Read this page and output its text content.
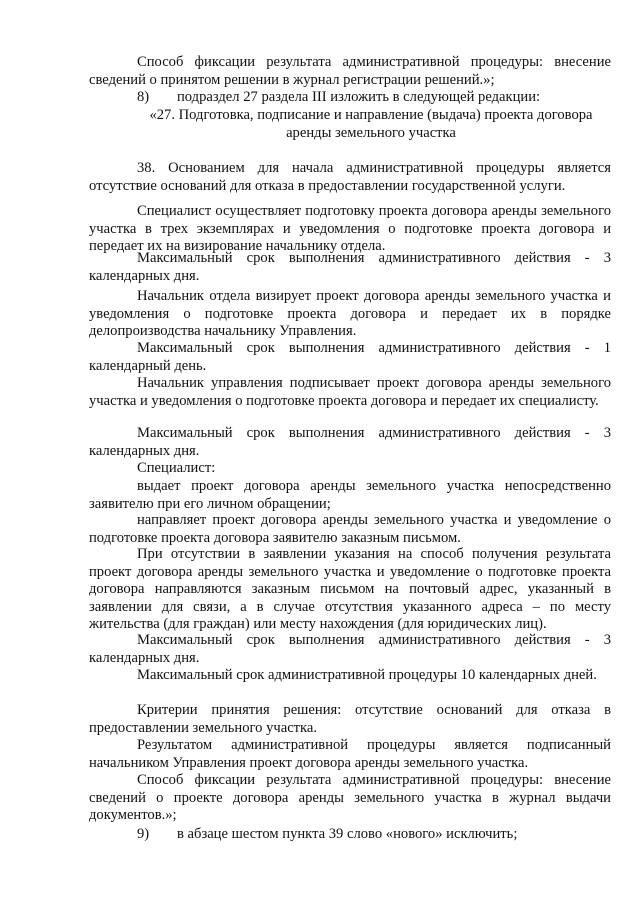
Способ фиксации результата административной процедуры: внесение сведений о принятом решении в журнал регистрации решений.»;
8) подраздел 27 раздела III изложить в следующей редакции:
«27. Подготовка, подписание и направление (выдача) проекта договора аренды земельного участка
38. Основанием для начала административной процедуры является отсутствие оснований для отказа в предоставлении государственной услуги.
Специалист осуществляет подготовку проекта договора аренды земельного участка в трех экземплярах и уведомления о подготовке проекта договора и передает их на визирование начальнику отдела.
Максимальный срок выполнения административного действия - 3 календарных дня.
Начальник отдела визирует проект договора аренды земельного участка и уведомления о подготовке проекта договора и передает их в порядке делопроизводства начальнику Управления.
Максимальный срок выполнения административного действия - 1 календарный день.
Начальник управления подписывает проект договора аренды земельного участка и уведомления о подготовке проекта договора и передает их специалисту.
Максимальный срок выполнения административного действия - 3 календарных дня.
Специалист:
выдает проект договора аренды земельного участка непосредственно заявителю при его личном обращении;
направляет проект договора аренды земельного участка и уведомление о подготовке проекта договора заявителю заказным письмом.
При отсутствии в заявлении указания на способ получения результата проект договора аренды земельного участка и уведомление о подготовке проекта договора направляются заказным письмом на почтовый адрес, указанный в заявлении для связи, а в случае отсутствия указанного адреса – по месту жительства (для граждан) или месту нахождения (для юридических лиц).
Максимальный срок выполнения административного действия - 3 календарных дня.
Максимальный срок административной процедуры 10 календарных дней.
Критерии принятия решения: отсутствие оснований для отказа в предоставлении земельного участка.
Результатом административной процедуры является подписанный начальником Управления проект договора аренды земельного участка.
Способ фиксации результата административной процедуры: внесение сведений о проекте договора аренды земельного участка в журнал выдачи документов.»;
9) в абзаце шестом пункта 39 слово «нового» исключить;
